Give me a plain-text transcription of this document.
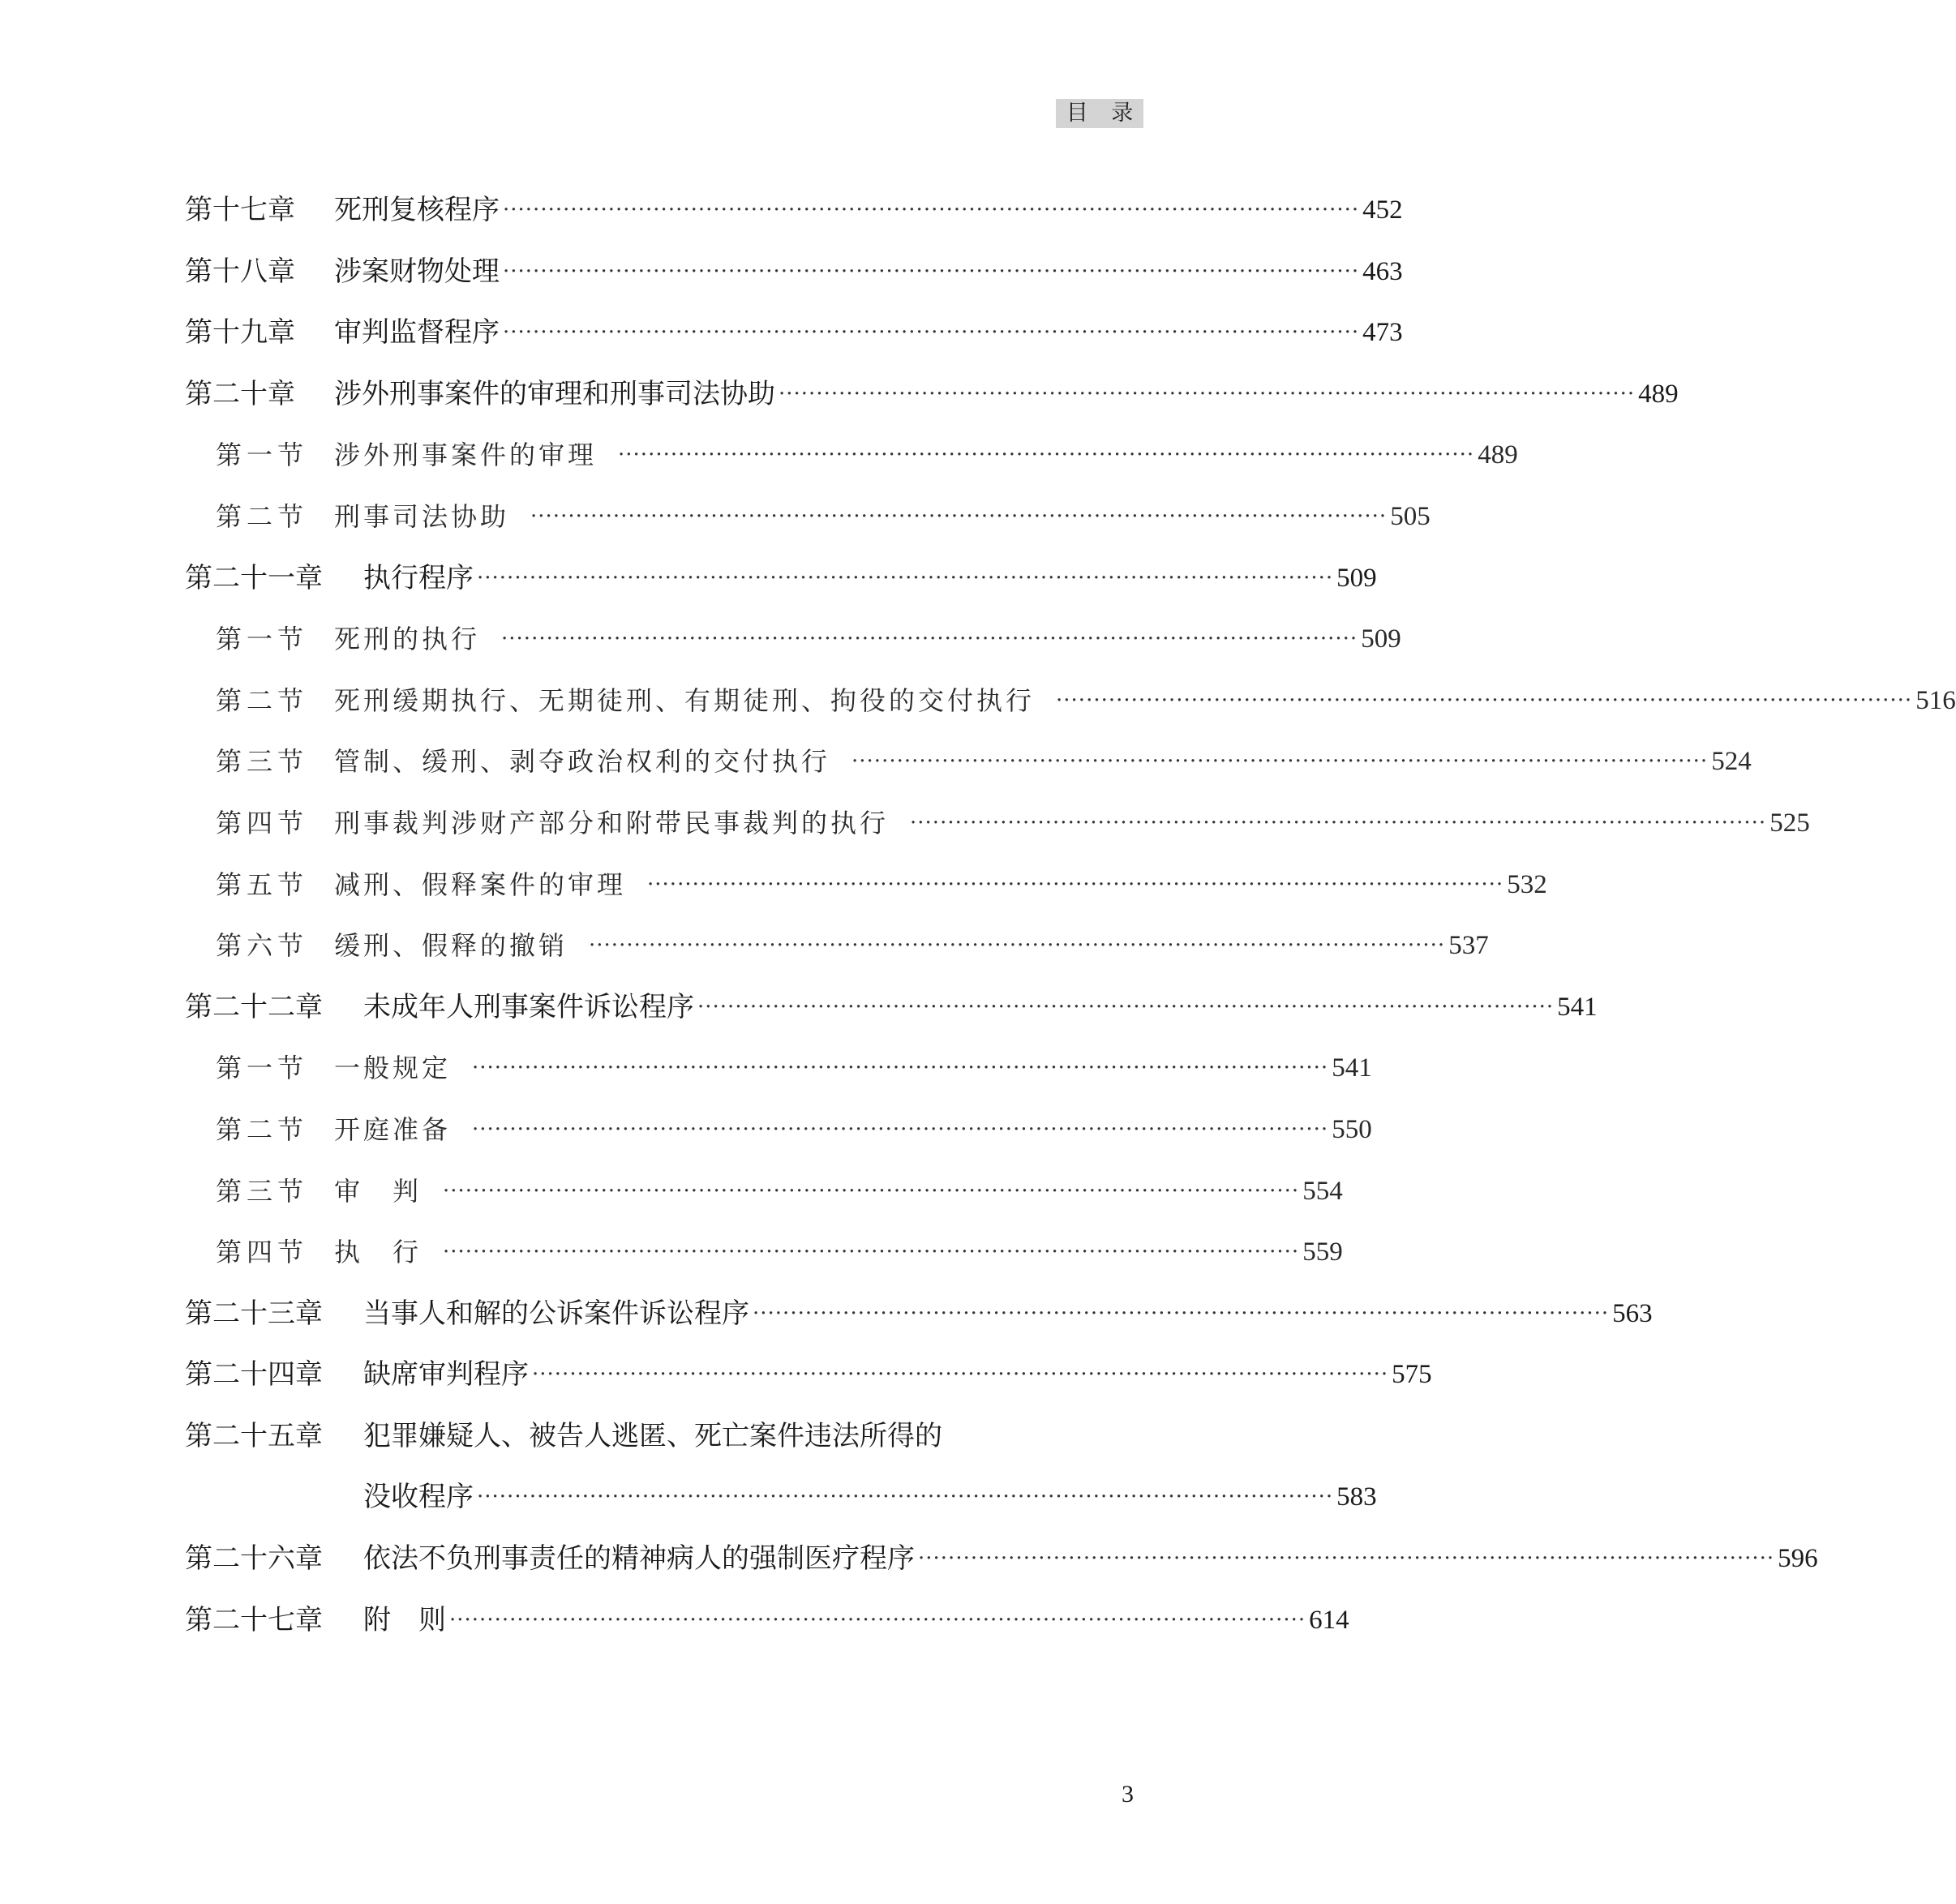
目 录
第十七章	死刑复核程序 ·················································································································· 452
第十八章	涉案财物处理 ·················································································································· 463
第十九章	审判监督程序 ·················································································································· 473
第二十章	涉外刑事案件的审理和刑事司法协助 ·················································································································· 489
第一节 涉外刑事案件的审理 ·················································································································· 489
第二节 刑事司法协助 ·················································································································· 505
第二十一章	执行程序 ·················································································································· 509
第一节 死刑的执行 ·················································································································· 509
第二节 死刑缓期执行、无期徒刑、有期徒刑、拘役的交付执行 ·················································································································· 516
第三节 管制、缓刑、剥夺政治权利的交付执行 ·················································································································· 524
第四节 刑事裁判涉财产部分和附带民事裁判的执行 ·················································································································· 525
第五节 减刑、假释案件的审理 ·················································································································· 532
第六节 缓刑、假释的撤销 ·················································································································· 537
第二十二章	未成年人刑事案件诉讼程序 ·················································································································· 541
第一节 一般规定 ·················································································································· 541
第二节 开庭准备 ·················································································································· 550
第三节 审　判 ·················································································································· 554
第四节 执　行 ·················································································································· 559
第二十三章	当事人和解的公诉案件诉讼程序 ·················································································································· 563
第二十四章	缺席审判程序 ·················································································································· 575
第二十五章	犯罪嫌疑人、被告人逃匿、死亡案件违法所得的
没收程序 ·················································································································· 583
第二十六章	依法不负刑事责任的精神病人的强制医疗程序 ·················································································································· 596
第二十七章	附　则 ·················································································································· 614
3
